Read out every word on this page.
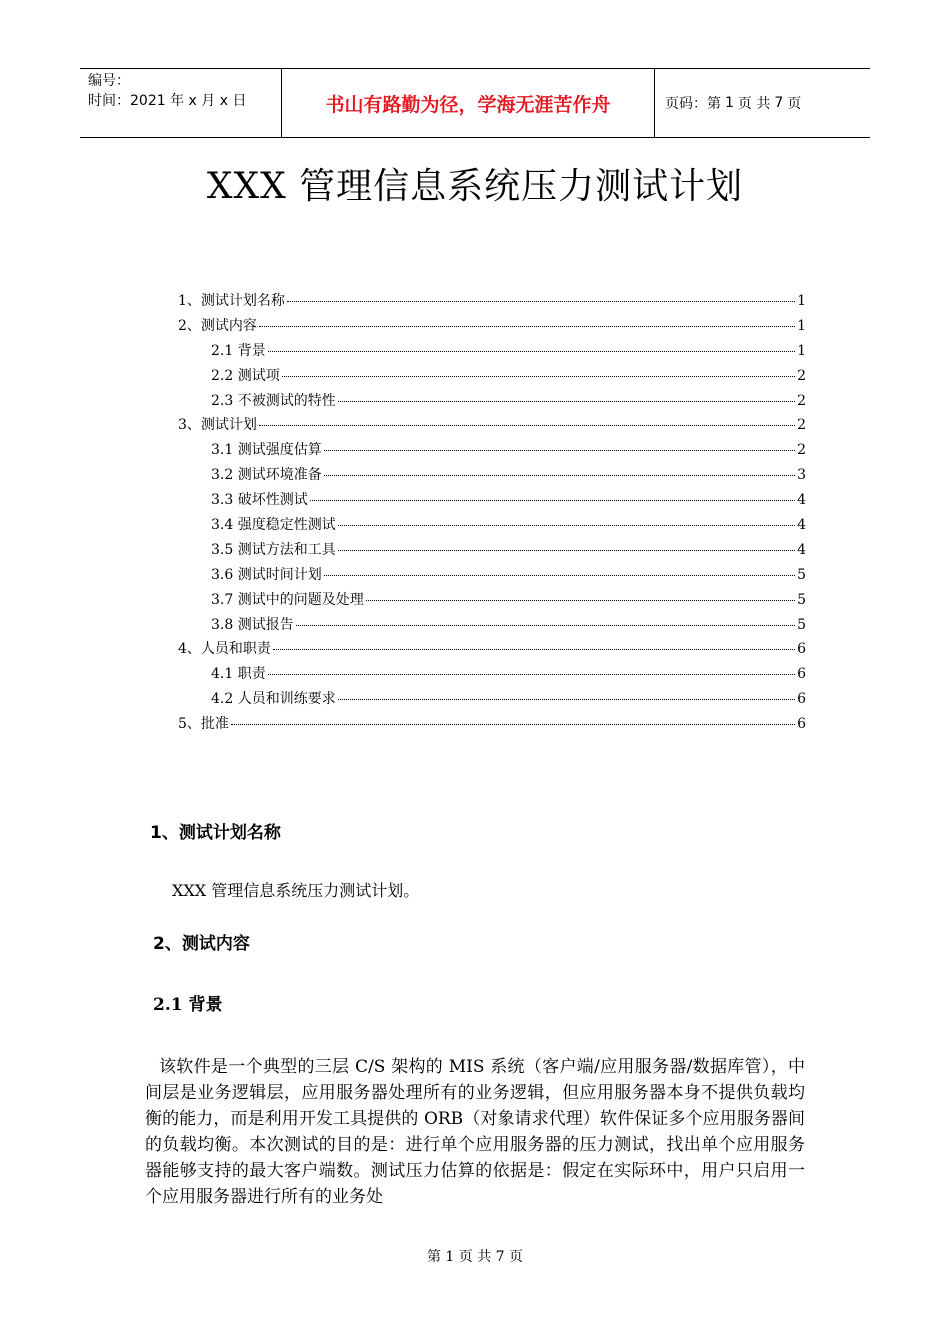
编号：
时间：2021 年 x 月 x 日	书山有路勤为径，学海无涯苦作舟	页码：第 1 页 共 7 页
XXX 管理信息系统压力测试计划
1、测试计划名称	1
2、测试内容	1
2.1 背景	1
2.2 测试项	2
2.3 不被测试的特性	2
3、测试计划	2
3.1 测试强度估算	2
3.2 测试环境准备	3
3.3 破坏性测试	4
3.4 强度稳定性测试	4
3.5 测试方法和工具	4
3.6 测试时间计划	5
3.7 测试中的问题及处理	5
3.8 测试报告	5
4、人员和职责	6
4.1 职责	6
4.2 人员和训练要求	6
5、批准	6
1、测试计划名称
XXX 管理信息系统压力测试计划。
2、测试内容
2.1 背景
该软件是一个典型的三层 C/S 架构的 MIS 系统（客户端/应用服务器/数据库管），中间层是业务逻辑层，应用服务器处理所有的业务逻辑，但应用服务器本身不提供负载均衡的能力，而是利用开发工具提供的 ORB（对象请求代理）软件保证多个应用服务器间的负载均衡。本次测试的目的是：进行单个应用服务器的压力测试，找出单个应用服务器能够支持的最大客户端数。测试压力估算的依据是：假定在实际环中，用户只启用一个应用服务器进行所有的业务处
第 1 页 共 7 页
